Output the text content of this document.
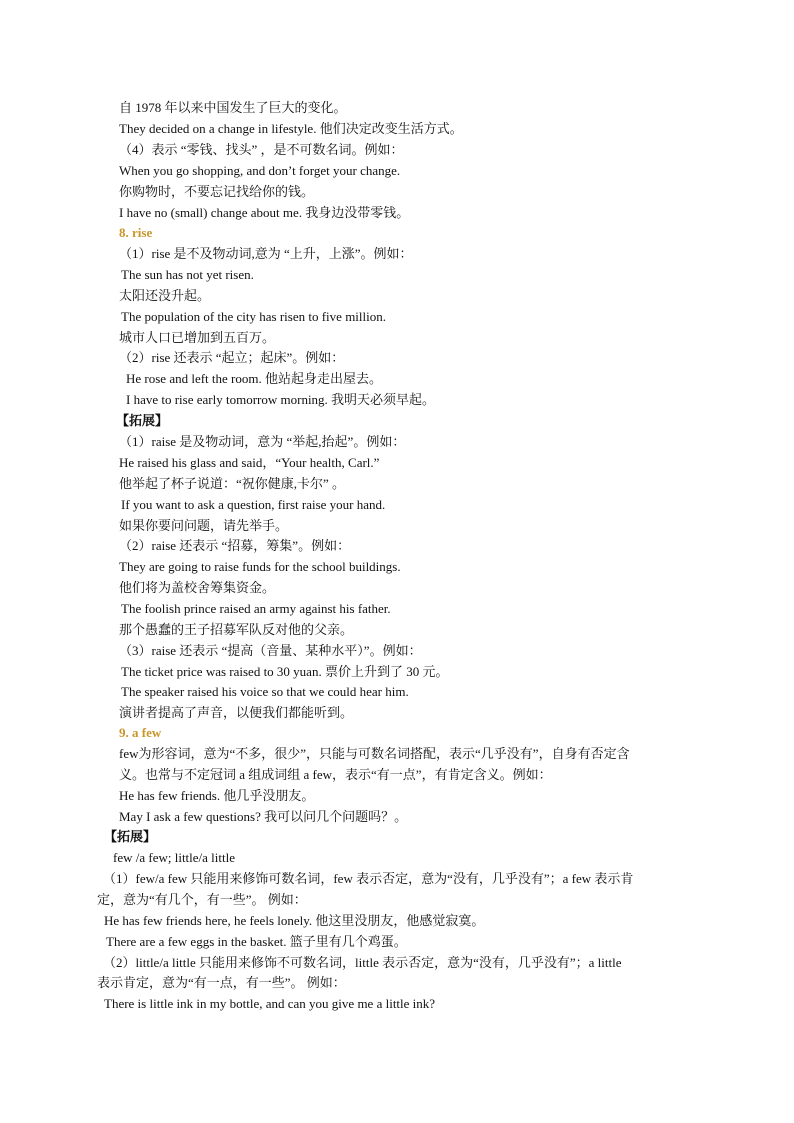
自 1978 年以来中国发生了巨大的变化。
They decided on a change in lifestyle. 他们决定改变生活方式。
（4）表示 “零钱、找头” ，是不可数名词。例如：
When you go shopping, and don’t forget your change.
你购物时，不要忘记找给你的钱。
I have no (small) change about me. 我身边没带零钱。
8. rise
（1）rise 是不及物动词,意为 “上升，上涨”。例如：
The sun has not yet risen.
太阳还没升起。
The population of the city has risen to five million.
城市人口已增加到五百万。
（2）rise 还表示 “起立；起床”。例如：
He rose and left the room. 他站起身走出屋去。
I have to rise early tomorrow morning. 我明天必须早起。
【拓展】
（1）raise 是及物动词，意为 “举起,抬起”。例如：
He raised his glass and said，“Your health, Carl.”
他举起了杯子说道：“祝你健康,卡尔” 。
If you want to ask a question, first raise your hand.
如果你要问问题，请先举手。
（2）raise 还表示 “招募，筹集”。例如：
They are going to raise funds for the school buildings.
他们将为盖校舍筹集资金。
The foolish prince raised an army against his father.
那个愚蠢的王子招募军队反对他的父亲。
（3）raise 还表示 “提高（音量、某种水平）”。例如：
The ticket price was raised to 30 yuan. 票价上升到了 30 元。
The speaker raised his voice so that we could hear him.
演讲者提高了声音，以便我们都能听到。
9. a few
few为形容词，意为“不多，很少”，只能与可数名词搭配，表示“几乎没有”，自身有否定含
义。也常与不定冠词 a 组成词组 a few，表示“有一点”，有肯定含义。例如：
He has few friends. 他几乎没朋友。
May I ask a few questions? 我可以问几个问题吗？。
【拓展】
few /a few; little/a little
（1）few/a few 只能用来修饰可数名词，few 表示否定，意为“没有，几乎没有”；a few 表示肯
定，意为“有几个，有一些”。 例如：
He has few friends here, he feels lonely. 他这里没朋友，他感觉寂寞。
There are a few eggs in the basket. 篮子里有几个鸡蛋。
（2）little/a little 只能用来修饰不可数名词，little 表示否定，意为“没有，几乎没有”；a little
表示肯定，意为“有一点，有一些”。 例如：
There is little ink in my bottle, and can you give me a little ink?
